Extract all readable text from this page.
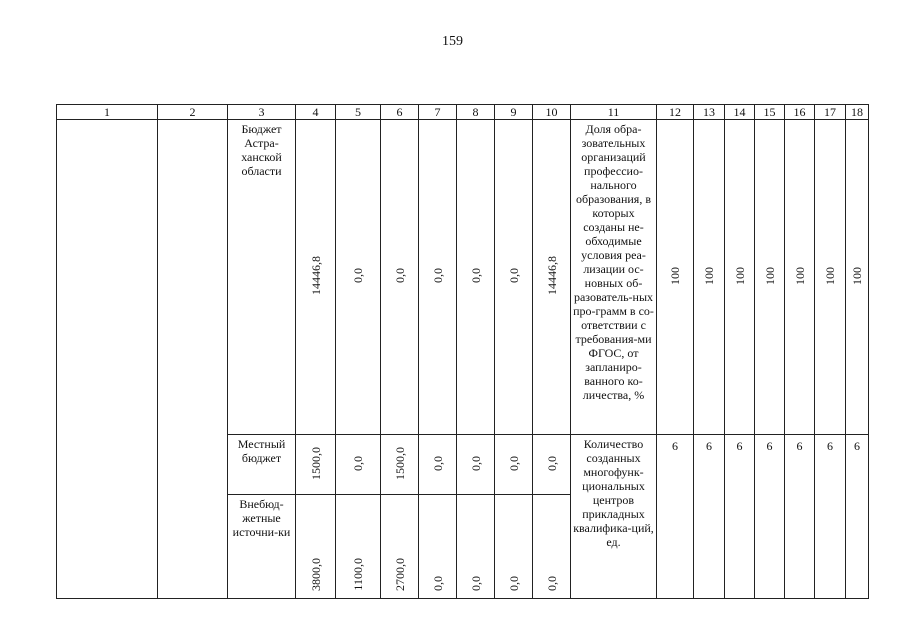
159
1	2	3	4	5	6	7	8	9	10	11	12	13	14	15	16	17	18
		Бюджет Астра-ханской области	14446,8	0,0	0,0	0,0	0,0	0,0	14446,8	Доля обра-зовательных организаций профессио-нального образования, в которых созданы не-обходимые условия реа-лизации ос-новных об-разователь-ных про-грамм в со-ответствии с требования-ми ФГОС, от запланиро-ванного ко-личества, %	100	100	100	100	100	100	100
		Местный бюджет	1500,0	0,0	1500,0	0,0	0,0	0,0	0,0	Количество созданных многофунк-циональных центров прикладных квалифика-ций, ед.	6	6	6	6	6	6	6
		Внебюд-жетные источни-ки	3800,0	1100,0	2700,0	0,0	0,0	0,0	0,0								
